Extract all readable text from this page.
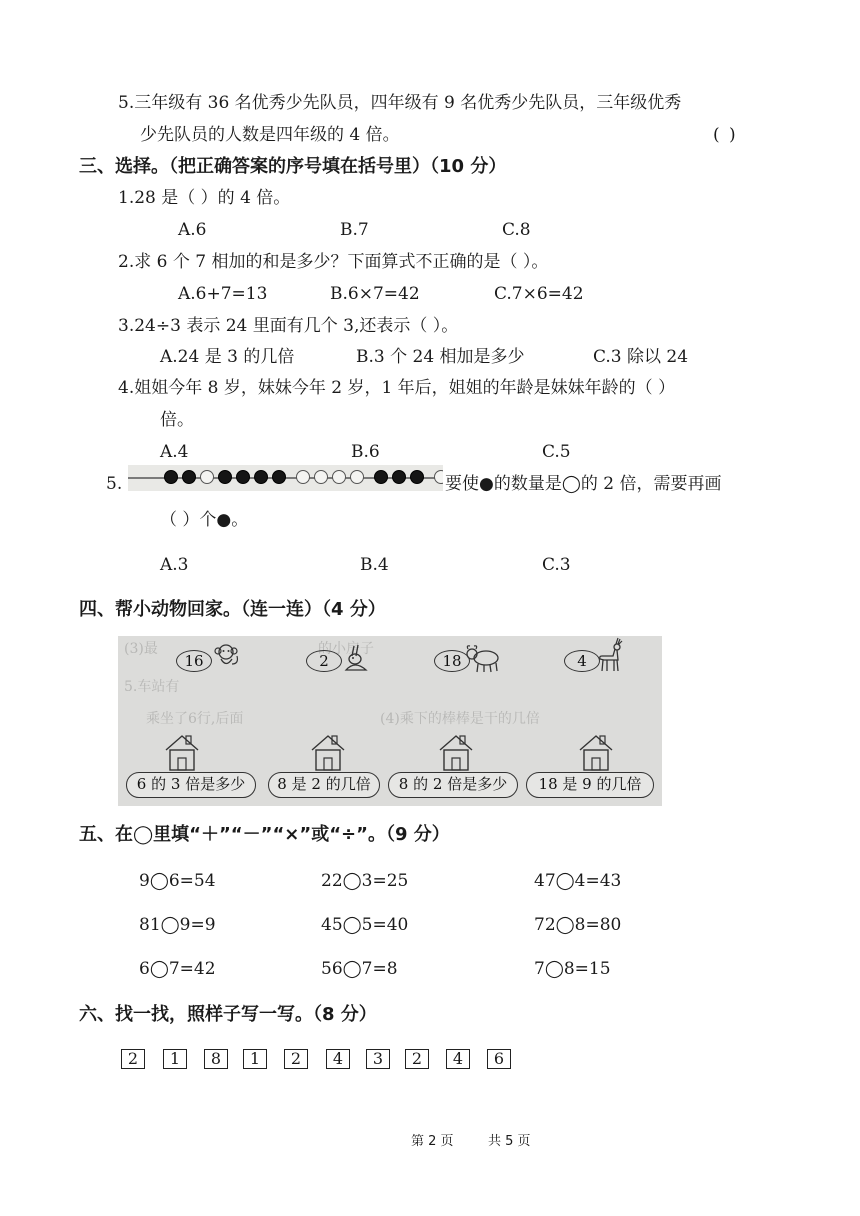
5.三年级有 36 名优秀少先队员，四年级有 9 名优秀少先队员，三年级优秀
少先队员的人数是四年级的 4 倍。	( )
三、选择。（把正确答案的序号填在括号里）（10 分）
1.28 是（ ）的 4 倍。
A.6	B.7	C.8
2.求 6 个 7 相加的和是多少？下面算式不正确的是（ ）。
A.6+7=13	B.6×7=42	C.7×6=42
3.24÷3 表示 24 里面有几个 3,还表示（ ）。
A.24 是 3 的几倍	B.3 个 24 相加是多少	C.3 除以 24
4.姐姐今年 8 岁，妹妹今年 2 岁，1 年后，姐姐的年龄是妹妹年龄的（ ）
倍。
A.4	B.6	C.5
5.	要使●的数量是◯的 2 倍，需要再画
（ ）个●。
A.3	B.4	C.3
四、帮小动物回家。（连一连）（4 分）
(3)最	的小房子
5.车站有
(4)乘下的棒棒是干的几倍
乘坐了6行,后面
16	2	18	4
6 的 3 倍是多少	8 是 2 的几倍	8 的 2 倍是多少	18 是 9 的几倍
五、在◯里填“＋”“－”“×”或“÷”。（9 分）
9◯6=54	22◯3=25	47◯4=43
81◯9=9	45◯5=40	72◯8=80
6◯7=42	56◯7=8	7◯8=15
六、找一找，照样子写一写。（8 分）
2	1	8	1	2	4	3	2	4	6
第 2 页	共 5 页
